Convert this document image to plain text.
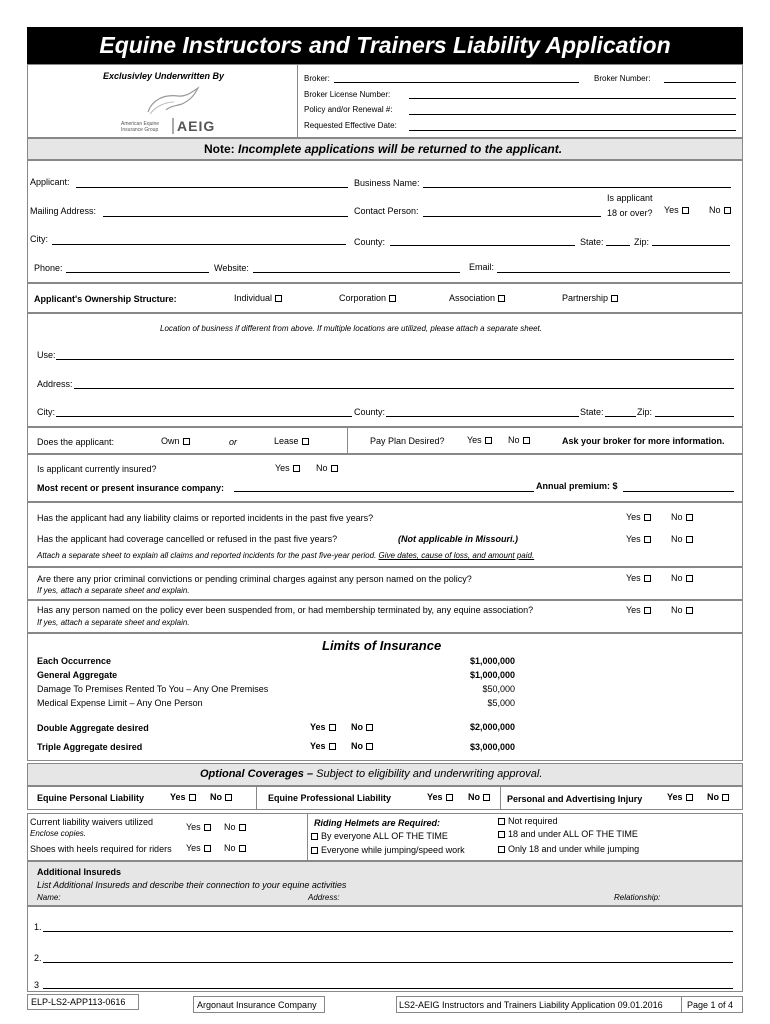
Equine Instructors and Trainers Liability Application
Exclusivley Underwritten By
American Equine
Insurance Group AEIG
Broker:	Broker Number:
Broker License Number:
Policy and/or Renewal #:
Requested Effective Date:
Note: Incomplete applications will be returned to the applicant.
Applicant:	Business Name:
Mailing Address:	Contact Person:
Is applicant
18 or over? Yes	No
City:	County:	State:	Zip:
Phone:	Website:	Email:
Applicant's Ownership Structure:	Individual	Corporation	Association	Partnership
Location of business if different from above. If multiple locations are utilized, please attach a separate sheet.
Use:
Address:
City:	County:	State:	Zip:
Does the applicant:	Own	or	Lease	Pay Plan Desired? Yes	No	Ask your broker for more information.
Is applicant currently insured?	Yes	No
Most recent or present insurance company:	Annual premium: $
Has the applicant had any liability claims or reported incidents in the past five years?	Yes	No
Has the applicant had coverage cancelled or refused in the past five years?	(Not applicable in Missouri.)	Yes	No
Attach a separate sheet to explain all claims and reported incidents for the past five-year period. Give dates, cause of loss, and amount paid.
Are there any prior criminal convictions or pending criminal charges against any person named on the policy?
If yes, attach a separate sheet and explain.
Yes	No
Has any person named on the policy ever been suspended from, or had membership terminated by, any equine association?
If yes, attach a separate sheet and explain.
Yes	No
Limits of Insurance
Each Occurrence	$1,000,000
General Aggregate	$1,000,000
Damage To Premises Rented To You – Any One Premises	$50,000
Medical Expense Limit – Any One Person	$5,000
Double Aggregate desired	Yes	No	$2,000,000
Triple Aggregate desired	Yes	No	$3,000,000
Optional Coverages – Subject to eligibility and underwriting approval.
Equine Personal Liability	Yes	No	Equine Professional Liability	Yes	No	Personal and Advertising Injury	Yes	No
Current liability waivers utilized
Enclose copies.
Yes	No
Shoes with heels required for riders Yes	No
Riding Helmets are Required:
By everyone ALL OF THE TIME
Everyone while jumping/speed work
Not required
18 and under ALL OF THE TIME
Only 18 and under while jumping
Additional Insureds
List Additional Insureds and describe their connection to your equine activities
Name:	Address:	Relationship:
1.
2.
3
ELP-LS2-APP113-0616	Argonaut Insurance Company	LS2-AEIG Instructors and Trainers Liability Application 09.01.2016	Page 1 of 4
